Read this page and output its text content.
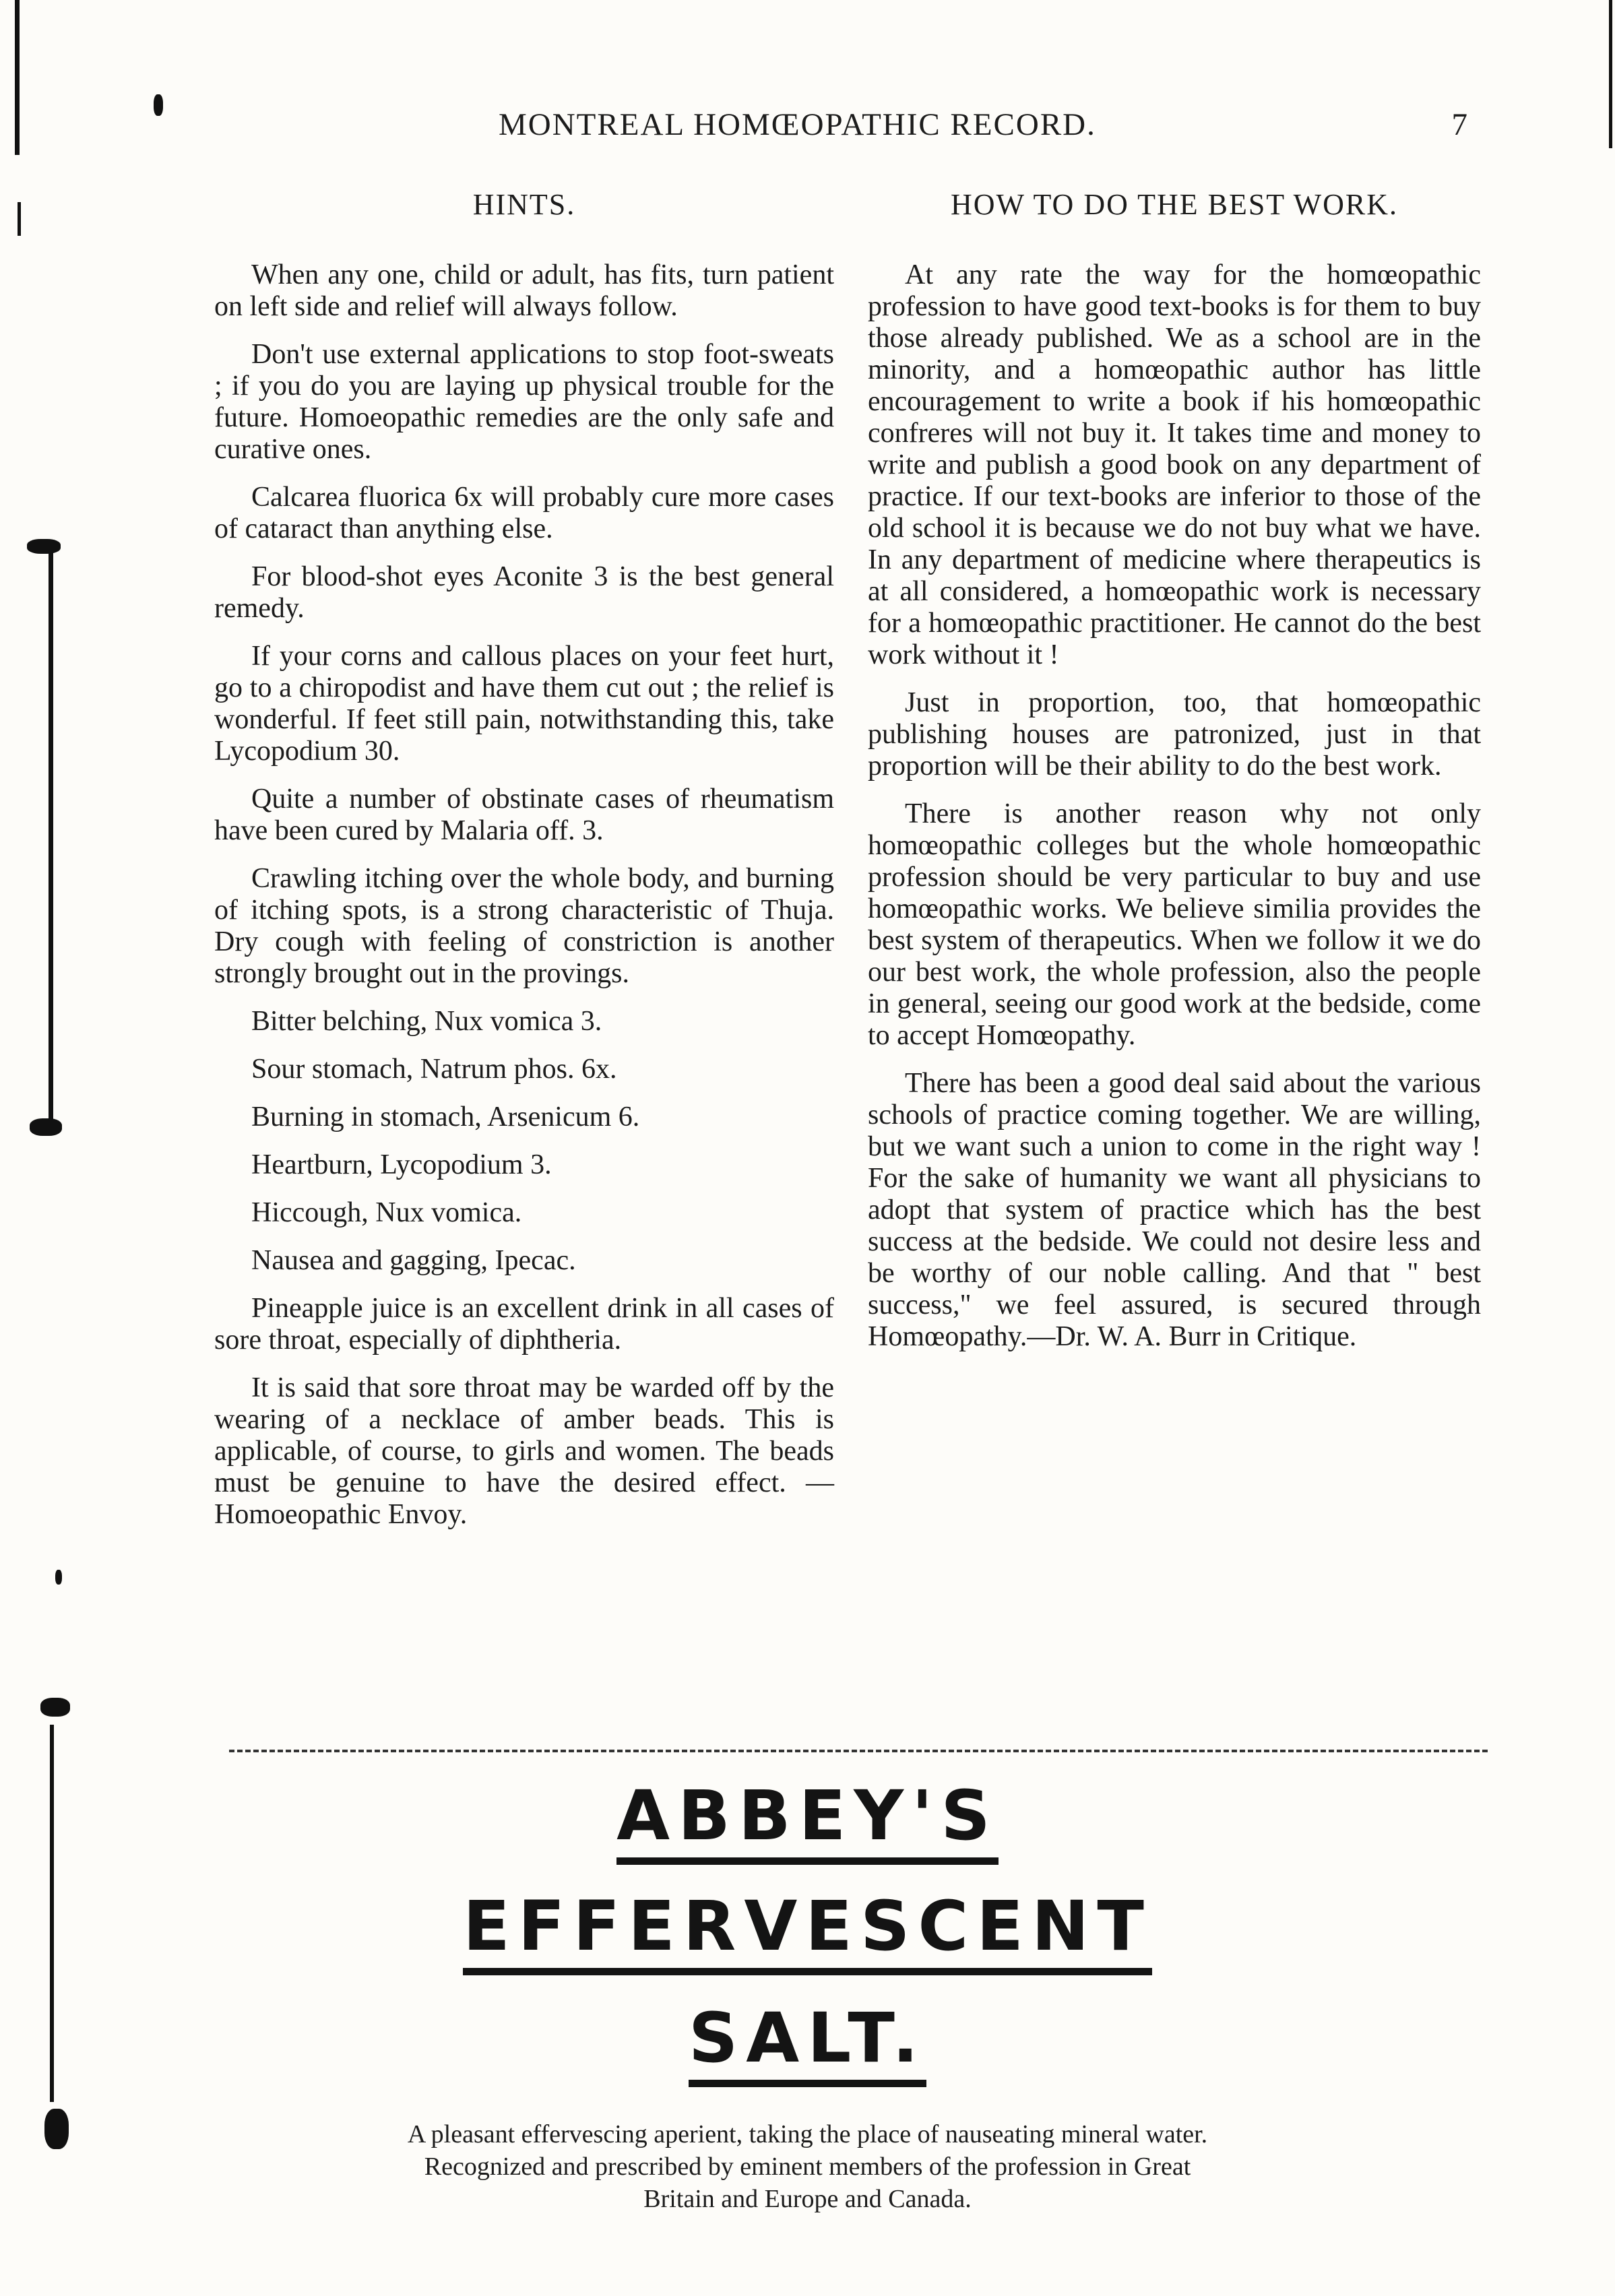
MONTREAL HOMŒOPATHIC RECORD.	7
HINTS.

When any one, child or adult, has fits, turn patient on left side and relief will always follow.

Don't use external applications to stop foot-sweats ; if you do you are laying up physical trouble for the future. Homoeopathic remedies are the only safe and curative ones.

Calcarea fluorica 6x will probably cure more cases of cataract than anything else.

For blood-shot eyes Aconite 3 is the best general remedy.

If your corns and callous places on your feet hurt, go to a chiropodist and have them cut out ; the relief is wonderful. If feet still pain, notwithstanding this, take Lycopodium 30.

Quite a number of obstinate cases of rheumatism have been cured by Malaria off. 3.

Crawling itching over the whole body, and burning of itching spots, is a strong characteristic of Thuja. Dry cough with feeling of constriction is another strongly brought out in the provings.

Bitter belching, Nux vomica 3.

Sour stomach, Natrum phos. 6x.

Burning in stomach, Arsenicum 6.

Heartburn, Lycopodium 3.

Hiccough, Nux vomica.

Nausea and gagging, Ipecac.

Pineapple juice is an excellent drink in all cases of sore throat, especially of diphtheria.

It is said that sore throat may be warded off by the wearing of a necklace of amber beads. This is applicable, of course, to girls and women. The beads must be genuine to have the desired effect. —Homoeopathic Envoy.

HOW TO DO THE BEST WORK.

At any rate the way for the homœopathic profession to have good text-books is for them to buy those already published. We as a school are in the minority, and a homœopathic author has little encouragement to write a book if his homœopathic confreres will not buy it. It takes time and money to write and publish a good book on any department of practice. If our text-books are inferior to those of the old school it is because we do not buy what we have. In any department of medicine where therapeutics is at all considered, a homœopathic work is necessary for a homœopathic practitioner. He cannot do the best work without it !

Just in proportion, too, that homœopathic publishing houses are patronized, just in that proportion will be their ability to do the best work.

There is another reason why not only homœopathic colleges but the whole homœopathic profession should be very particular to buy and use homœopathic works. We believe similia provides the best system of therapeutics. When we follow it we do our best work, the whole profession, also the people in general, seeing our good work at the bedside, come to accept Homœopathy.

There has been a good deal said about the various schools of practice coming together. We are willing, but we want such a union to come in the right way ! For the sake of humanity we want all physicians to adopt that system of practice which has the best success at the bedside. We could not desire less and be worthy of our noble calling. And that " best success," we feel assured, is secured through Homœopathy.—Dr. W. A. Burr in Critique.

ABBEY'S
EFFERVESCENT
SALT.
A pleasant effervescing aperient, taking the place of nauseating mineral water.
Recognized and prescribed by eminent members of the profession in Great
Britain and Europe and Canada.
